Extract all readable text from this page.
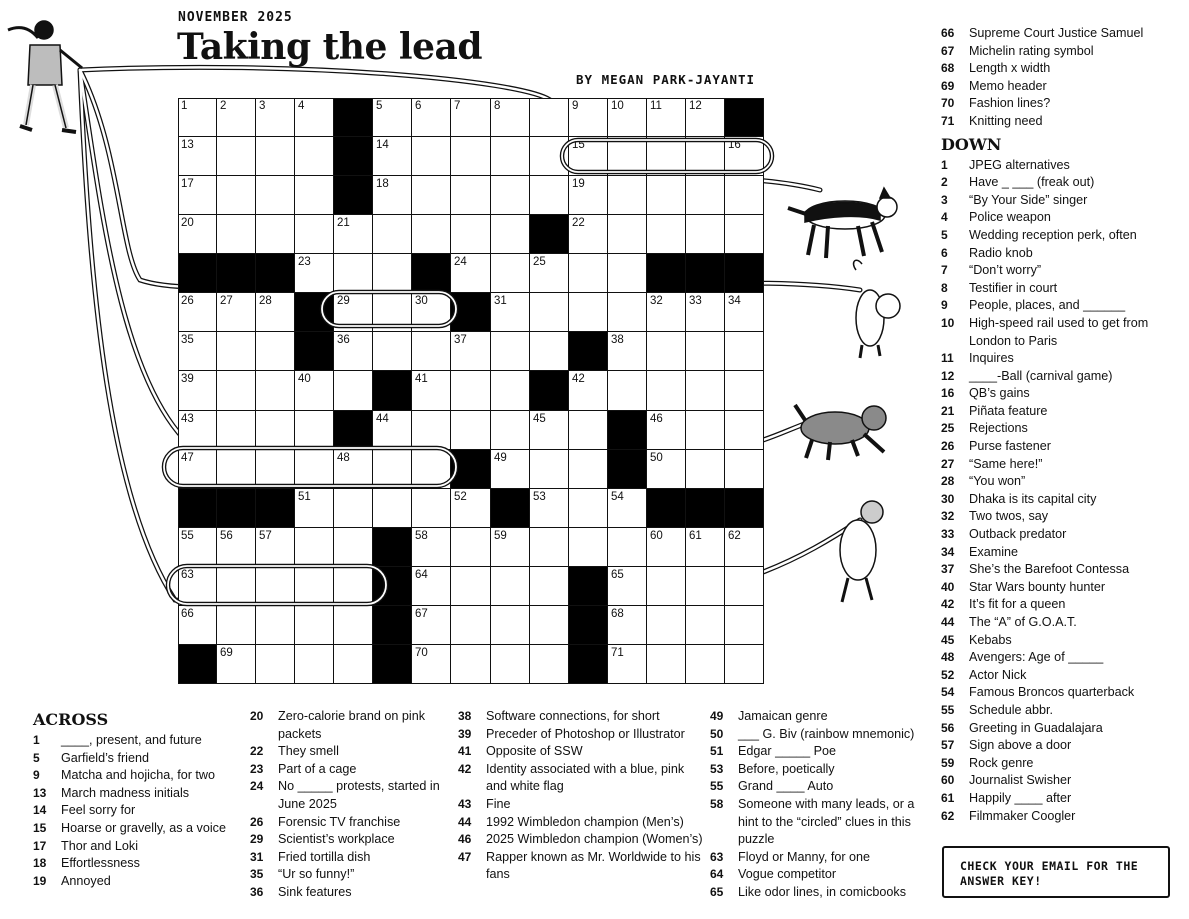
NOVEMBER 2025
Taking the lead
BY MEGAN PARK-JAYANTI
1	2	3	4	5	6	7	8	9	10 11 12
13	14	15	16
17	18	19
20	21	22
23	24	25
26 27 28	29	30	31	32 33 34
35	36	37	38
39	40	41	42
43	44	45	46
47	48	49	50
51	52	53	54
55 56 57	58	59	60 61 62
63	64	65
66	67	68
69	70	71
ACROSS
1	____, present, and future
5	Garfield’s friend
9	Matcha and hojicha, for two
13	March madness initials
14	Feel sorry for
15	Hoarse or gravelly, as a voice
17	Thor and Loki
18	Effortlessness
19	Annoyed
20	Zero-calorie brand on pink packets
22	They smell
23	Part of a cage
24	No _____ protests, started in June 2025
26	Forensic TV franchise
29	Scientist’s workplace
31	Fried tortilla dish
35	“Ur so funny!”
36	Sink features
38	Software connections, for short
39	Preceder of Photoshop or Illustrator
41	Opposite of SSW
42	Identity associated with a blue, pink and white flag
43	Fine
44	1992 Wimbledon champion (Men’s)
46	2025 Wimbledon champion (Women’s)
47	Rapper known as Mr. Worldwide to his fans
49	Jamaican genre
50	___ G. Biv (rainbow mnemonic)
51	Edgar _____ Poe
53	Before, poetically
55	Grand ____ Auto
58	Someone with many leads, or a hint to the “circled” clues in this puzzle
63	Floyd or Manny, for one
64	Vogue competitor
65	Like odor lines, in comicbooks
66	Supreme Court Justice Samuel
67	Michelin rating symbol
68	Length x width
69	Memo header
70	Fashion lines?
71	Knitting need
DOWN
1	JPEG alternatives
2	Have _ ___ (freak out)
3	“By Your Side” singer
4	Police weapon
5	Wedding reception perk, often
6	Radio knob
7	“Don’t worry”
8	Testifier in court
9	People, places, and ______
10	High-speed rail used to get from London to Paris
11	Inquires
12	____-Ball (carnival game)
16	QB’s gains
21	Piñata feature
25	Rejections
26	Purse fastener
27	“Same here!”
28	“You won”
30	Dhaka is its capital city
32	Two twos, say
33	Outback predator
34	Examine
37	She’s the Barefoot Contessa
40	Star Wars bounty hunter
42	It’s fit for a queen
44	The “A” of G.O.A.T.
45	Kebabs
48	Avengers: Age of _____
52	Actor Nick
54	Famous Broncos quarterback
55	Schedule abbr.
56	Greeting in Guadalajara
57	Sign above a door
59	Rock genre
60	Journalist Swisher
61	Happily ____ after
62	Filmmaker Coogler
CHECK YOUR EMAIL FOR THE
ANSWER KEY!
